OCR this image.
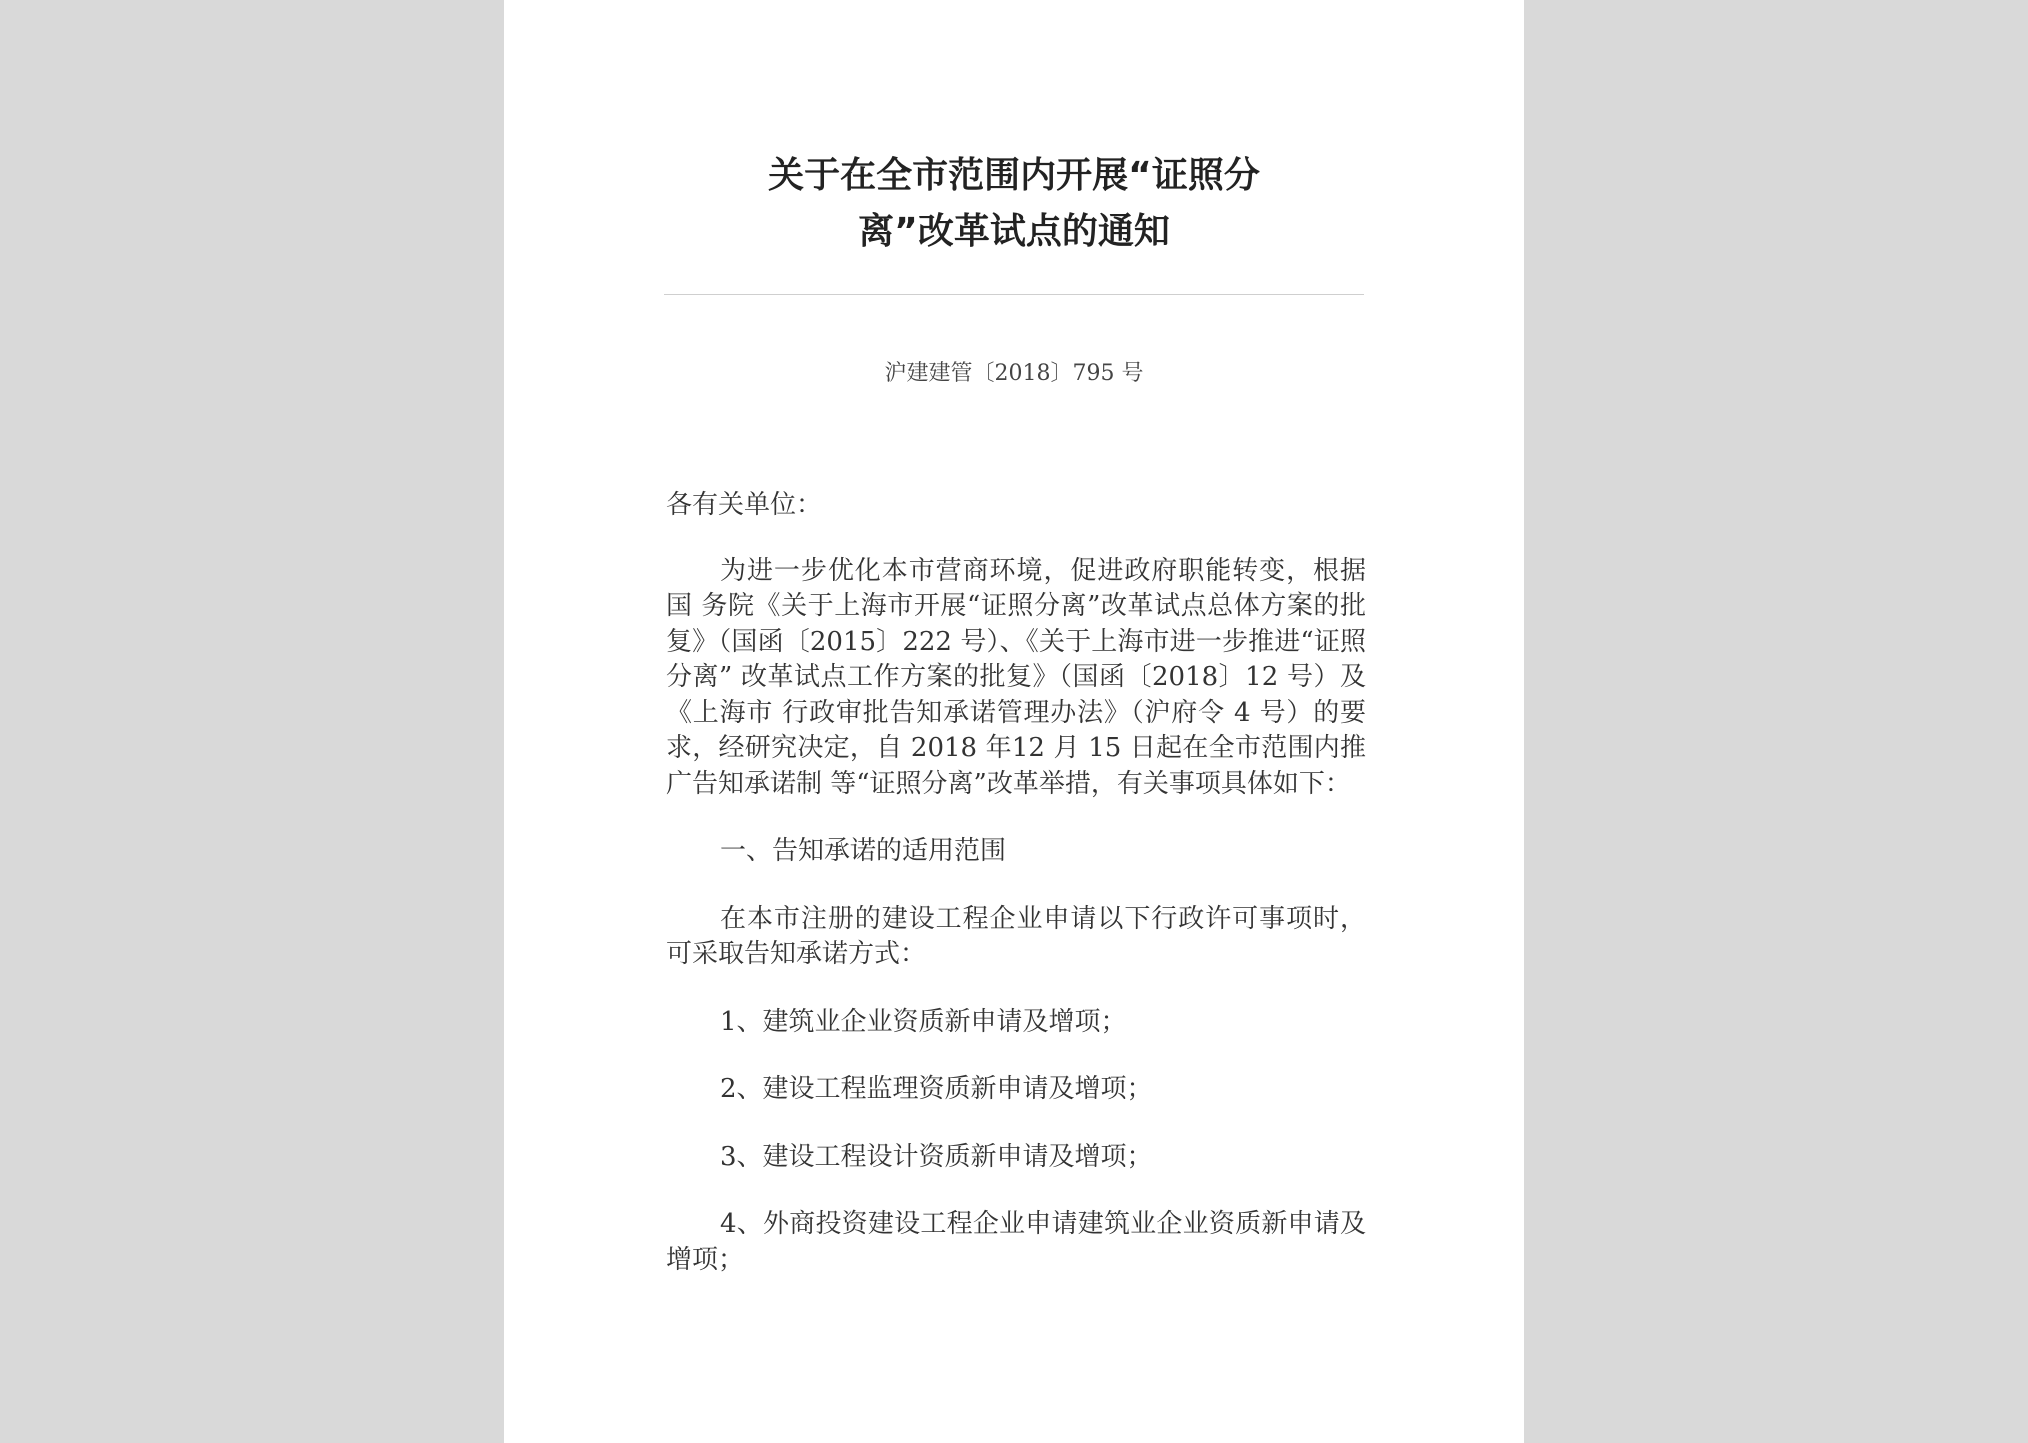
关于在全市范围内开展“证照分
离”改革试点的通知
沪建建管〔2018〕795 号

各有关单位：

为进一步优化本市营商环境，促进政府职能转变，根据国 务院《关于上海市开展“证照分离”改革试点总体方案的批复》（国函〔2015〕222 号）、《关于上海市进一步推进“证照分离” 改革试点工作方案的批复》（国函〔2018〕12 号）及《上海市 行政审批告知承诺管理办法》（沪府令 4 号）的要求，经研究决定，自 2018 年12 月 15 日起在全市范围内推广告知承诺制 等“证照分离”改革举措，有关事项具体如下：

一、告知承诺的适用范围

在本市注册的建设工程企业申请以下行政许可事项时，可采取告知承诺方式：

1、建筑业企业资质新申请及增项；

2、建设工程监理资质新申请及增项；

3、建设工程设计资质新申请及增项；

4、外商投资建设工程企业申请建筑业企业资质新申请及 增项；
